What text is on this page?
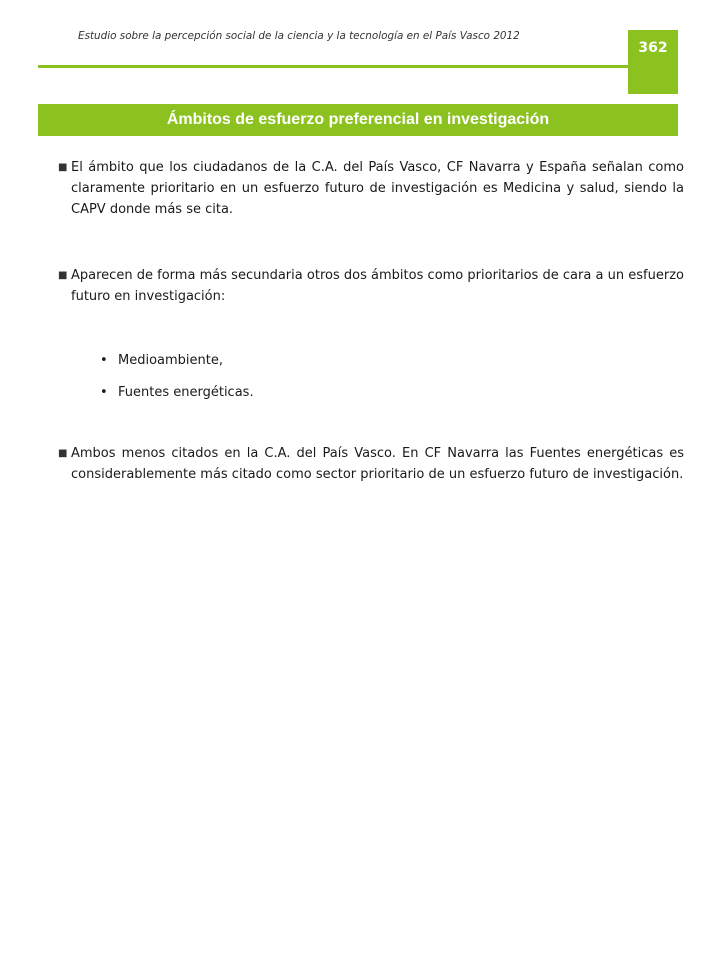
Estudio sobre la percepción social de la ciencia y la tecnología en el País Vasco 2012
362
Ámbitos de esfuerzo preferencial en investigación
■ El ámbito que los ciudadanos de la C.A. del País Vasco, CF Navarra y España señalan como claramente prioritario en un esfuerzo futuro de investigación es Medicina y salud, siendo la CAPV donde más se cita.
■ Aparecen de forma más secundaria otros dos ámbitos como prioritarios de cara a un esfuerzo futuro en investigación:
• Medioambiente,
• Fuentes energéticas.
■ Ambos menos citados en la C.A. del País Vasco. En CF Navarra las Fuentes energéticas es considerablemente más citado como sector prioritario de un esfuerzo futuro de investigación.
